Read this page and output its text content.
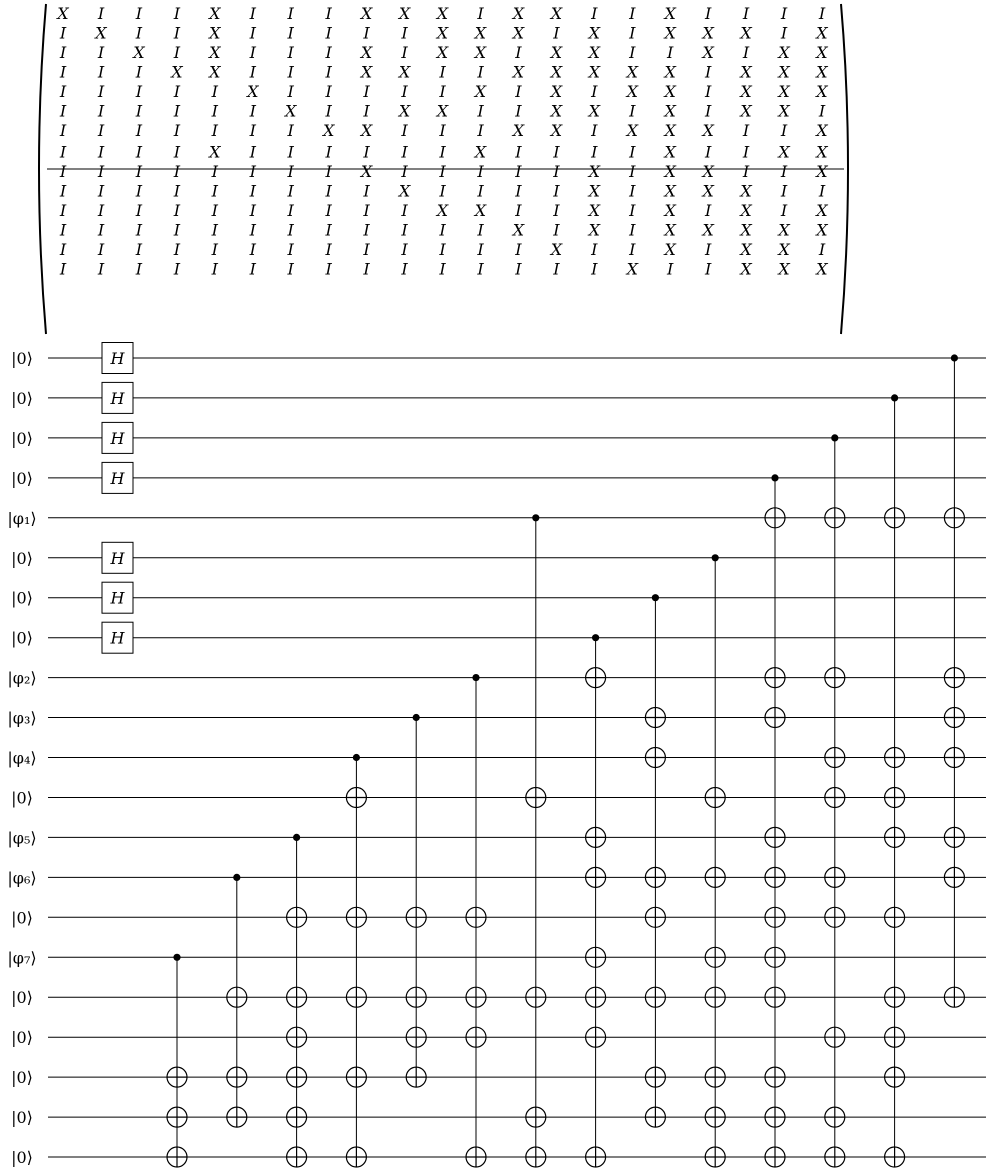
X I I I X I I I X X X I X X I I X I I I I
I X I I X I I I I I X X X I X I X X X I X
I I X I X I I I X I X X I X X I I X I X X
I I I X X I I I X X I I X X X X X I X X X
I I I I I X I I I I I X I X I X X I X X X
I I I I I I X I I X X I I X X I X I X X I
I I I I I I I X X I I I X X I X X X I I X
I I I I X I I I I I I X I I I I X I I X X
I I I I I I I I X I I I I I X I X X I I X
I I I I I I I I I X I I I I X I X X X I I
I I I I I I I I I I X X I I X I X I X I X
I I I I I I I I I I I I X I X I X X X X X
I I I I I I I I I I I I I X I I X I X X I
I I I I I I I I I I I I I I I X I I X X X
|0⟩
|0⟩
|0⟩
|0⟩
|φ₁⟩
|0⟩
|0⟩
|0⟩
|φ₂⟩
|φ₃⟩
|φ₄⟩
|0⟩
|φ₅⟩
|φ₆⟩
|0⟩
|φ₇⟩
|0⟩
|0⟩
|0⟩
|0⟩
|0⟩
H
H
H
H
H
H
H
